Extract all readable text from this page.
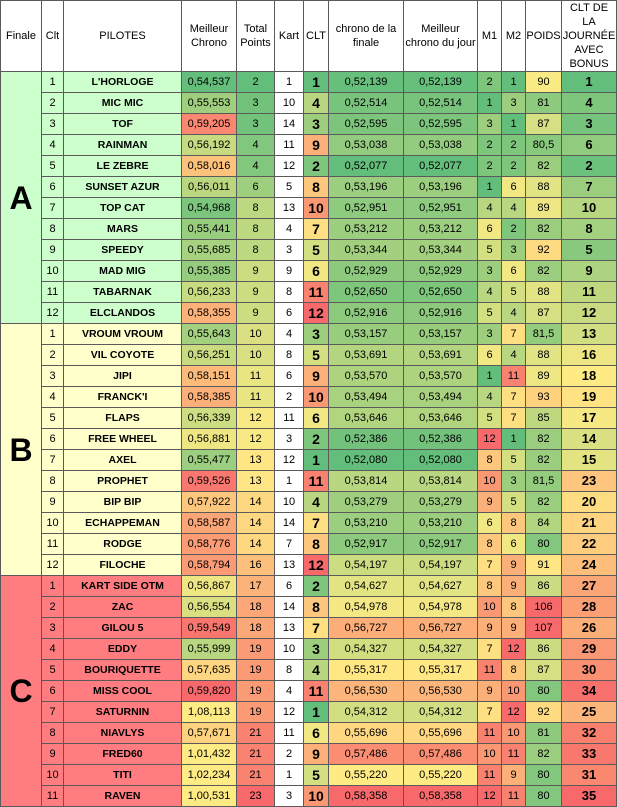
Finale	Clt	PILOTES	Meilleur Chrono	Total Points	Kart	CLT	chrono de la finale	Meilleur chrono du jour	M1	M2	POIDS	CLT DE LA JOURNÉE AVEC BONUS
A	1	L'HORLOGE	0,54,537	2	1	1	0,52,139	0,52,139	2	1	90	1
	2	MIC MIC	0,55,553	3	10	4	0,52,514	0,52,514	1	3	81	4
	3	TOF	0,59,205	3	14	3	0,52,595	0,52,595	3	1	87	3
	4	RAINMAN	0,56,192	4	11	9	0,53,038	0,53,038	2	2	80,5	6
	5	LE ZEBRE	0,58,016	4	12	2	0,52,077	0,52,077	2	2	82	2
	6	SUNSET AZUR	0,56,011	6	5	8	0,53,196	0,53,196	1	6	88	7
	7	TOP CAT	0,54,968	8	13	10	0,52,951	0,52,951	4	4	89	10
	8	MARS	0,55,441	8	4	7	0,53,212	0,53,212	6	2	82	8
	9	SPEEDY	0,55,685	8	3	5	0,53,344	0,53,344	5	3	92	5
	10	MAD MIG	0,55,385	9	9	6	0,52,929	0,52,929	3	6	82	9
	11	TABARNAK	0,56,233	9	8	11	0,52,650	0,52,650	4	5	88	11
	12	ELCLANDOS	0,58,355	9	6	12	0,52,916	0,52,916	5	4	87	12
B	1	VROUM VROUM	0,55,643	10	4	3	0,53,157	0,53,157	3	7	81,5	13
	2	VIL COYOTE	0,56,251	10	8	5	0,53,691	0,53,691	6	4	88	16
	3	JIPI	0,58,151	11	6	9	0,53,570	0,53,570	1	11	89	18
	4	FRANCK'I	0,58,385	11	2	10	0,53,494	0,53,494	4	7	93	19
	5	FLAPS	0,56,339	12	11	6	0,53,646	0,53,646	5	7	85	17
	6	FREE WHEEL	0,56,881	12	3	2	0,52,386	0,52,386	12	1	82	14
	7	AXEL	0,55,477	13	12	1	0,52,080	0,52,080	8	5	82	15
	8	PROPHET	0,59,526	13	1	11	0,53,814	0,53,814	10	3	81,5	23
	9	BIP BIP	0,57,922	14	10	4	0,53,279	0,53,279	9	5	82	20
	10	ECHAPPEMAN	0,58,587	14	14	7	0,53,210	0,53,210	6	8	84	21
	11	RODGE	0,58,776	14	7	8	0,52,917	0,52,917	8	6	80	22
	12	FILOCHE	0,58,794	16	13	12	0,54,197	0,54,197	7	9	91	24
C	1	KART SIDE OTM	0,56,867	17	6	2	0,54,627	0,54,627	8	9	86	27
	2	ZAC	0,56,554	18	14	8	0,54,978	0,54,978	10	8	106	28
	3	GILOU 5	0,59,549	18	13	7	0,56,727	0,56,727	9	9	107	26
	4	EDDY	0,55,999	19	10	3	0,54,327	0,54,327	7	12	86	29
	5	BOURIQUETTE	0,57,635	19	8	4	0,55,317	0,55,317	11	8	87	30
	6	MISS COOL	0,59,820	19	4	11	0,56,530	0,56,530	9	10	80	34
	7	SATURNIN	1,08,113	19	12	1	0,54,312	0,54,312	7	12	92	25
	8	NIAVLYS	0,57,671	21	11	6	0,55,696	0,55,696	11	10	81	32
	9	FRED60	1,01,432	21	2	9	0,57,486	0,57,486	10	11	82	33
	10	TITI	1,02,234	21	1	5	0,55,220	0,55,220	11	9	80	31
	11	RAVEN	1,00,531	23	3	10	0,58,358	0,58,358	12	11	80	35
